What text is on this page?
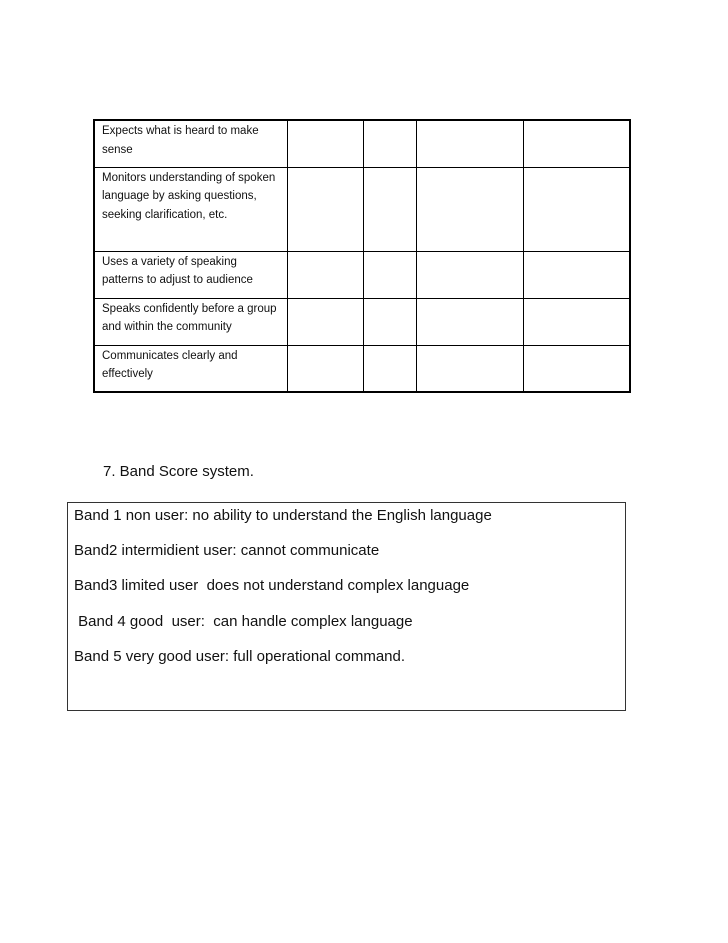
Expects what is heard to make sense				

Monitors understanding of spoken language by asking questions, seeking clarification, etc.				

Uses a variety of speaking patterns to adjust to audience				

Speaks confidently before a group and within the community				

Communicates clearly and effectively				

7. Band Score system.
Band 1 non user: no ability to understand the English language
Band2 intermidient user: cannot communicate
Band3 limited user  does not understand complex language
Band 4 good  user:  can handle complex language
Band 5 very good user: full operational command.
